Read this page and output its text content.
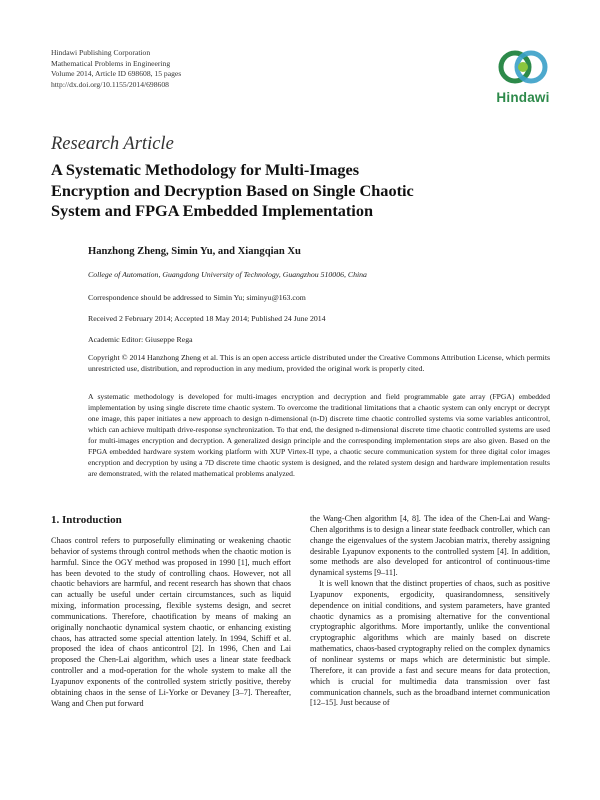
Hindawi Publishing Corporation
Mathematical Problems in Engineering
Volume 2014, Article ID 698608, 15 pages
http://dx.doi.org/10.1155/2014/698608
Hindawi
Research Article
A Systematic Methodology for Multi-Images
Encryption and Decryption Based on Single Chaotic
System and FPGA Embedded Implementation
Hanzhong Zheng, Simin Yu, and Xiangqian Xu
College of Automation, Guangdong University of Technology, Guangzhou 510006, China
Correspondence should be addressed to Simin Yu; siminyu@163.com
Received 2 February 2014; Accepted 18 May 2014; Published 24 June 2014
Academic Editor: Giuseppe Rega
Copyright © 2014 Hanzhong Zheng et al. This is an open access article distributed under the Creative Commons Attribution License, which permits unrestricted use, distribution, and reproduction in any medium, provided the original work is properly cited.
A systematic methodology is developed for multi-images encryption and decryption and field programmable gate array (FPGA) embedded implementation by using single discrete time chaotic system. To overcome the traditional limitations that a chaotic system can only encrypt or decrypt one image, this paper initiates a new approach to design n-dimensional (n-D) discrete time chaotic controlled systems via some variables anticontrol, which can achieve multipath drive-response synchronization. To that end, the designed n-dimensional discrete time chaotic controlled systems are used for multi-images encryption and decryption. A generalized design principle and the corresponding implementation steps are also given. Based on the FPGA embedded hardware system working platform with XUP Virtex-II type, a chaotic secure communication system for three digital color images encryption and decryption by using a 7D discrete time chaotic system is designed, and the related system design and hardware implementation results are demonstrated, with the related mathematical problems analyzed.
1. Introduction

Chaos control refers to purposefully eliminating or weakening chaotic behavior of systems through control methods when the chaotic motion is harmful. Since the OGY method was proposed in 1990 [1], much effort has been devoted to the study of controlling chaos. However, not all chaotic behaviors are harmful, and recent research has shown that chaos can actually be useful under certain circumstances, such as liquid mixing, information processing, flexible systems design, and secret communications. Therefore, chaotification by means of making an originally nonchaotic dynamical system chaotic, or enhancing existing chaos, has attracted some special attention lately. In 1994, Schiff et al. proposed the idea of chaos anticontrol [2]. In 1996, Chen and Lai proposed the Chen-Lai algorithm, which uses a linear state feedback controller and a mod-operation for the whole system to make all the Lyapunov exponents of the controlled system strictly positive, thereby obtaining chaos in the sense of Li-Yorke or Devaney [3–7]. Thereafter, Wang and Chen put forward

the Wang-Chen algorithm [4, 8]. The idea of the Chen-Lai and Wang-Chen algorithms is to design a linear state feedback controller, which can change the eigenvalues of the system Jacobian matrix, thereby assigning desirable Lyapunov exponents to the controlled system [4]. In addition, some methods are also developed for anticontrol of continuous-time dynamical systems [9–11].

It is well known that the distinct properties of chaos, such as positive Lyapunov exponents, ergodicity, quasirandomness, sensitively dependence on initial conditions, and system parameters, have granted chaotic dynamics as a promising alternative for the conventional cryptographic algorithms. More importantly, unlike the conventional cryptographic algorithms which are mainly based on discrete mathematics, chaos-based cryptography relied on the complex dynamics of nonlinear systems or maps which are deterministic but simple. Therefore, it can provide a fast and secure means for data protection, which is crucial for multimedia data transmission over fast communication channels, such as the broadband internet communication [12–15]. Just because of
